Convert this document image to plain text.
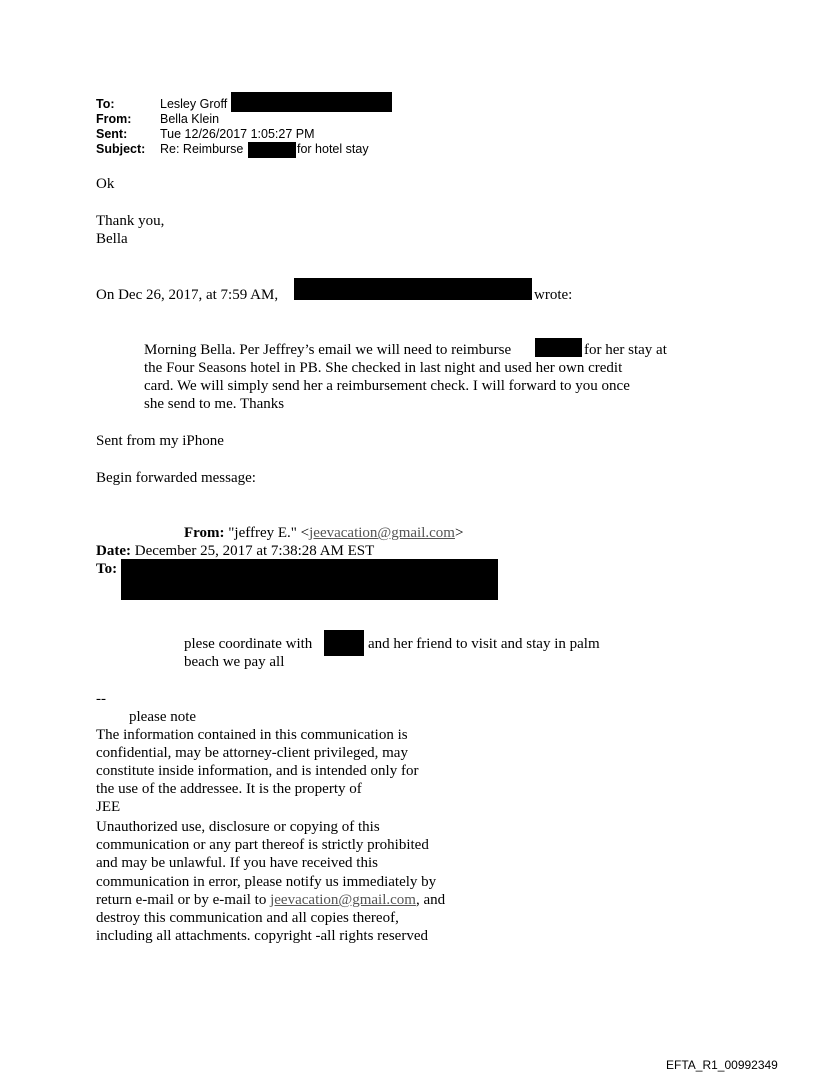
To:	Lesley Groff
From: Bella Klein
Sent:	Tue 12/26/2017 1:05:27 PM
Subject: Re: Reimburse	for hotel stay
Ok
Thank you,
Bella
On Dec 26, 2017, at 7:59 AM,	wrote:
Morning Bella. Per Jeffrey’s email we will need to reimburse	for her stay at
the Four Seasons hotel in PB. She checked in last night and used her own credit
card. We will simply send her a reimbursement check. I will forward to you once
she send to me. Thanks
Sent from my iPhone
Begin forwarded message:
From: "jeffrey E." <jeevacation@gmail.com>
Date: December 25, 2017 at 7:38:28 AM EST
To:
plese coordinate with	and her friend to visit and stay in palm
beach we pay all
--
please note
The information contained in this communication is
confidential, may be attorney-client privileged, may
constitute inside information, and is intended only for
the use of the addressee. It is the property of
JEE
Unauthorized use, disclosure or copying of this
communication or any part thereof is strictly prohibited
and may be unlawful. If you have received this
communication in error, please notify us immediately by
return e-mail or by e-mail to jeevacation@gmail.com, and
destroy this communication and all copies thereof,
including all attachments. copyright -all rights reserved
EFTA_R1_00992349
